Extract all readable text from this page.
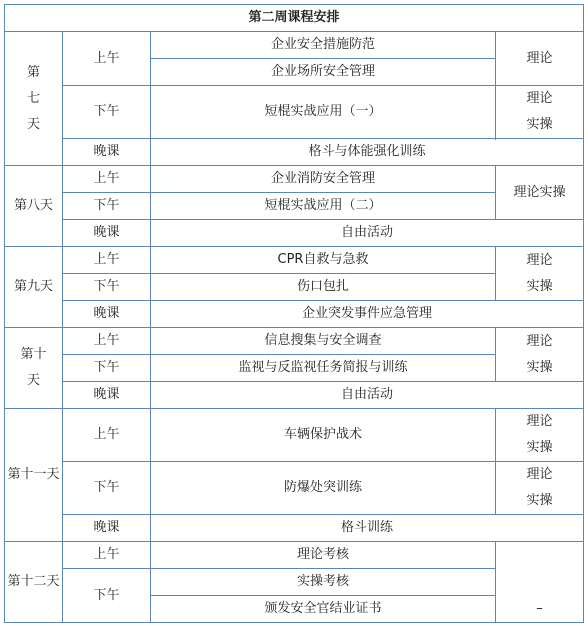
第二周课程安排			

第
七
天	上午	企业安全措施防范	理论
		企业场所安全管理	
	下午	短棍实战应用（一）	理论
实操

	晚课	格斗与体能强化训练	
第八天	上午	企业消防安全管理	理论实操
	下午	短棍实战应用（二）	
	晚课	自由活动	
第九天	上午	CPR自救与急救	理论
实操

	下午	伤口包扎	
	晚课	企业突发事件应急管理	

第十
天	上午	信息搜集与安全调查	理论
实操

	下午	监视与反监视任务简报与训练	
	晚课	自由活动	
第十一天	上午	车辆保护战术	理论
实操

	下午	防爆处突训练	理论
实操

	晚课	格斗训练	
第十二天	上午	理论考核	–
	下午	实操考核	
		颁发安全官结业证书	
